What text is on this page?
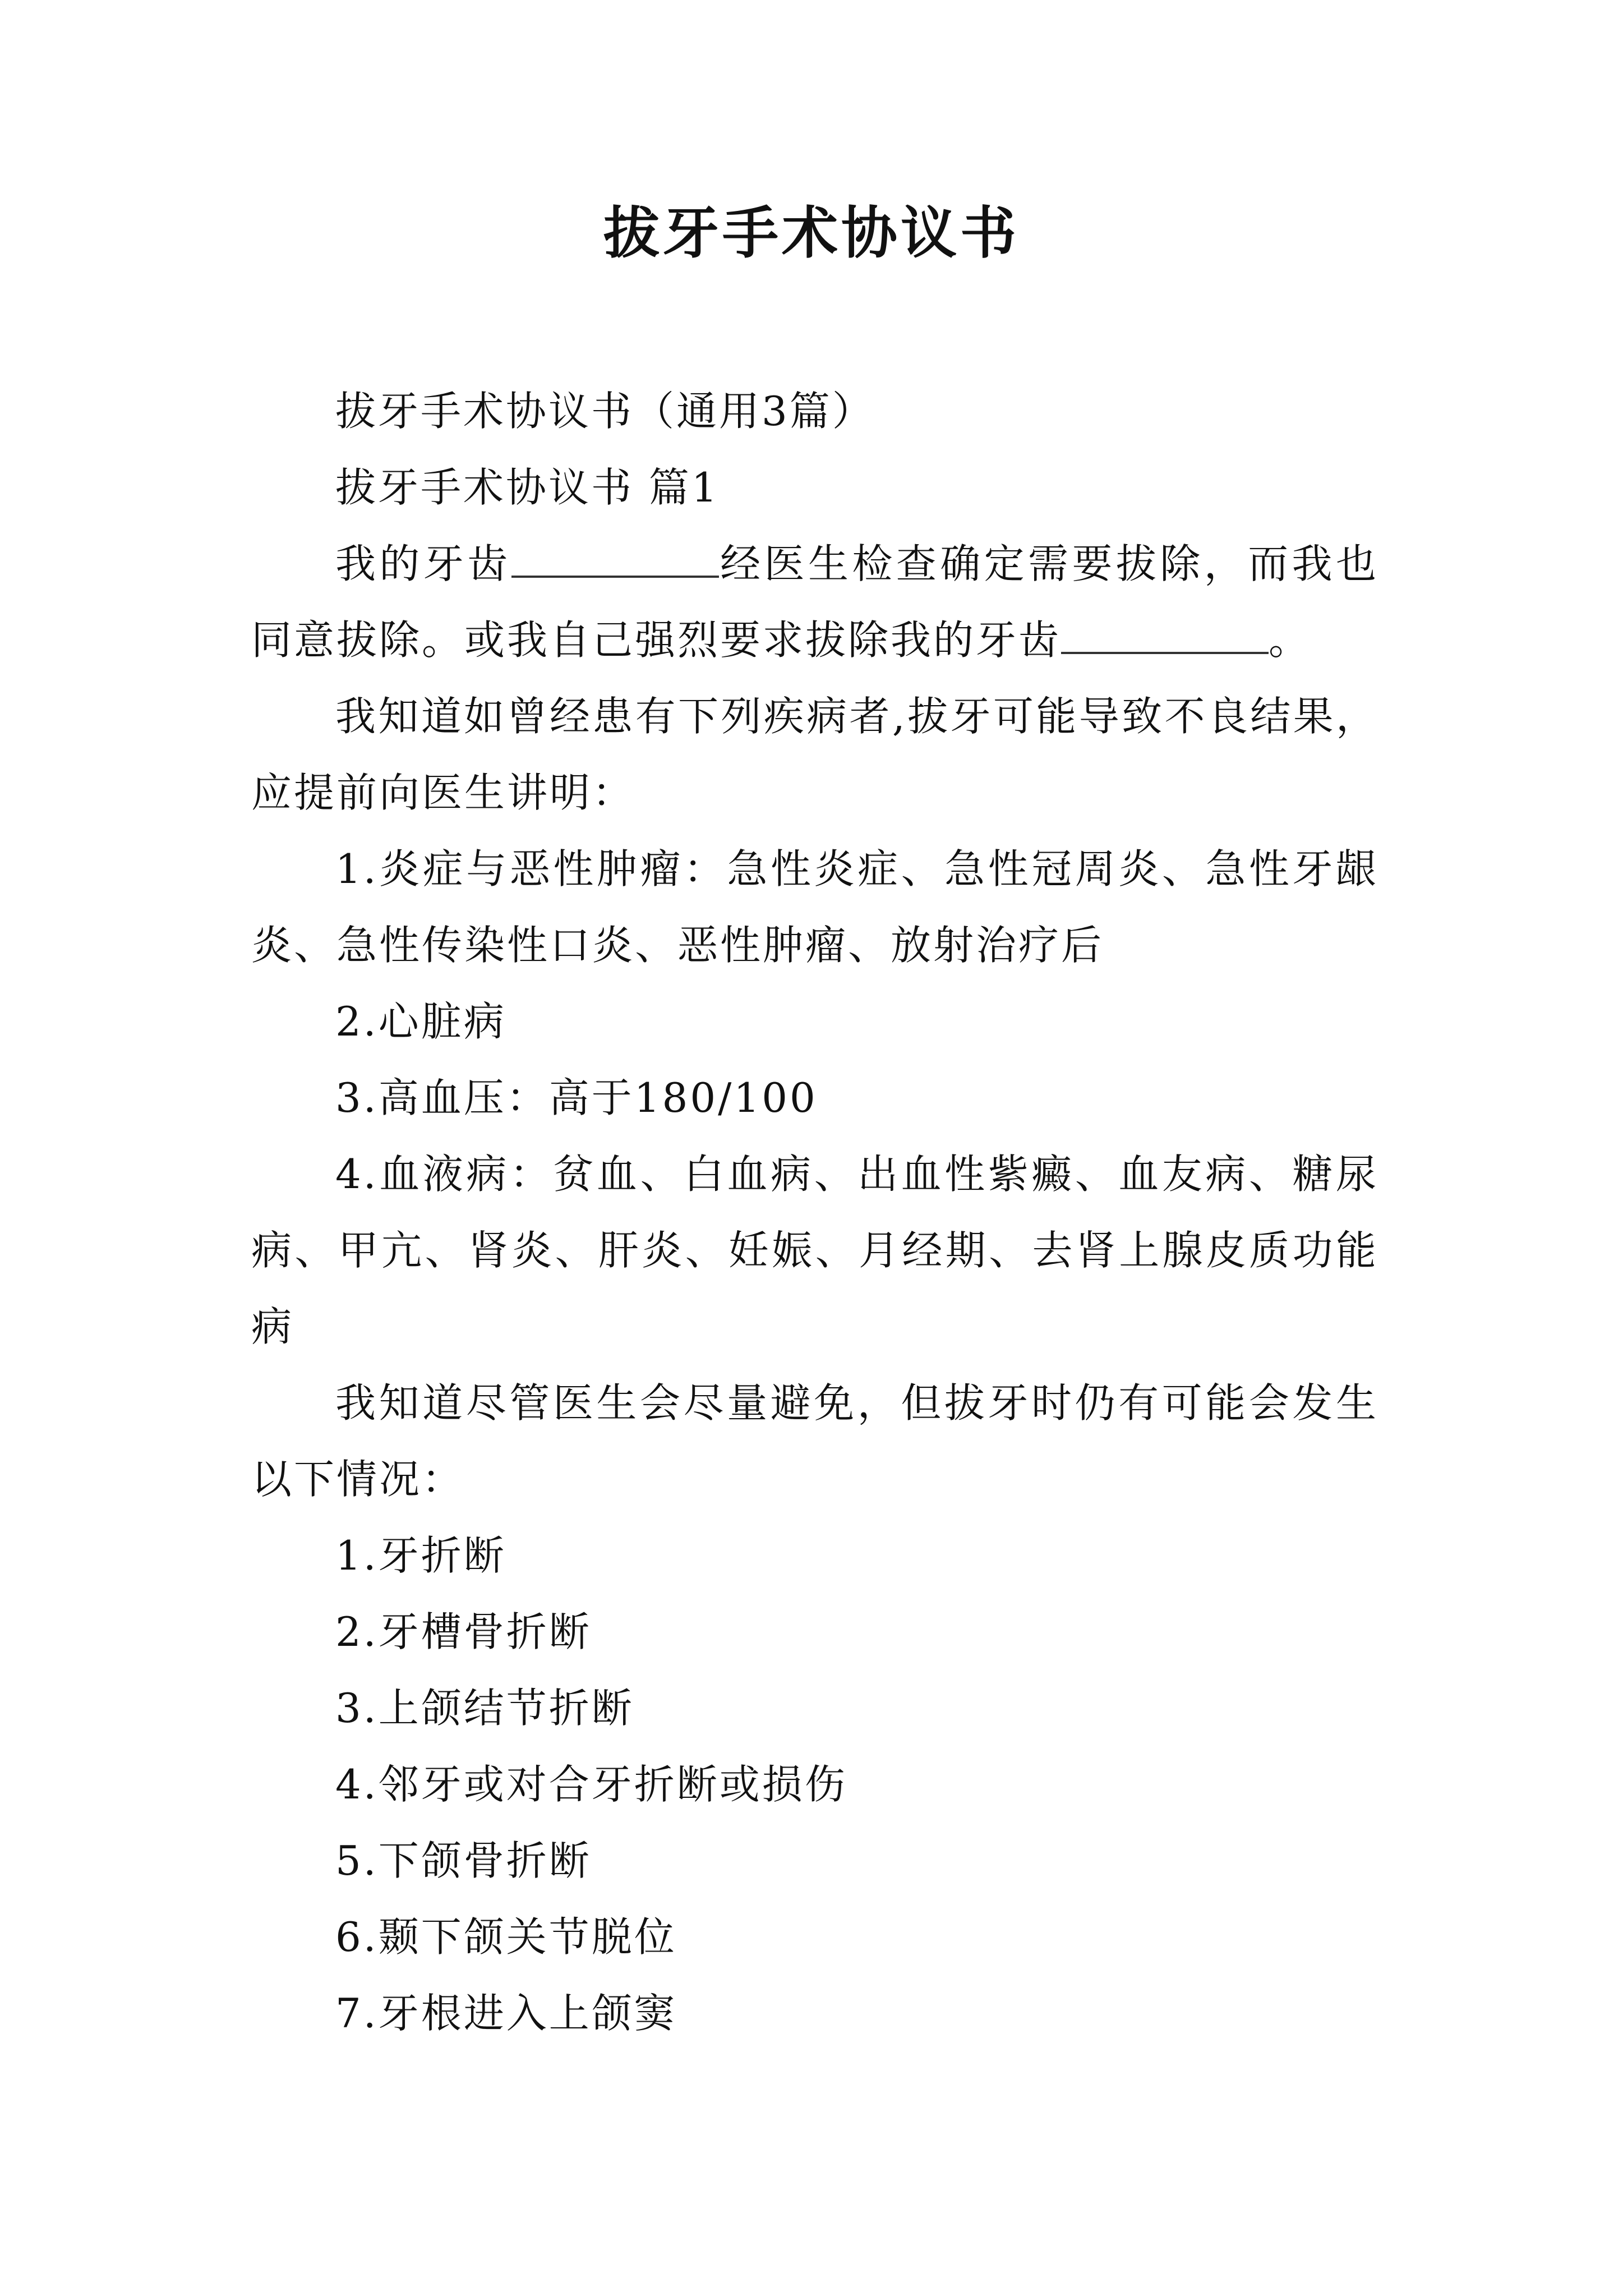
拔牙手术协议书

拔牙手术协议书（通用3篇）

拔牙手术协议书 篇1

我的牙齿	经医生检查确定需要拔除，而我也同意拔除。或我自己强烈要求拔除我的牙齿	。

我知道如曾经患有下列疾病者,拔牙可能导致不良结果，应提前向医生讲明：

1.炎症与恶性肿瘤：急性炎症、急性冠周炎、急性牙龈炎、急性传染性口炎、恶性肿瘤、放射治疗后

2.心脏病

3.高血压：高于180/100

4.血液病：贫血、白血病、出血性紫癜、血友病、糖尿病、甲亢、肾炎、肝炎、妊娠、月经期、去肾上腺皮质功能病

我知道尽管医生会尽量避免，但拔牙时仍有可能会发生以下情况：

1.牙折断

2.牙槽骨折断

3.上颌结节折断

4.邻牙或对合牙折断或损伤

5.下颌骨折断

6.颞下颌关节脱位

7.牙根进入上颌窦
